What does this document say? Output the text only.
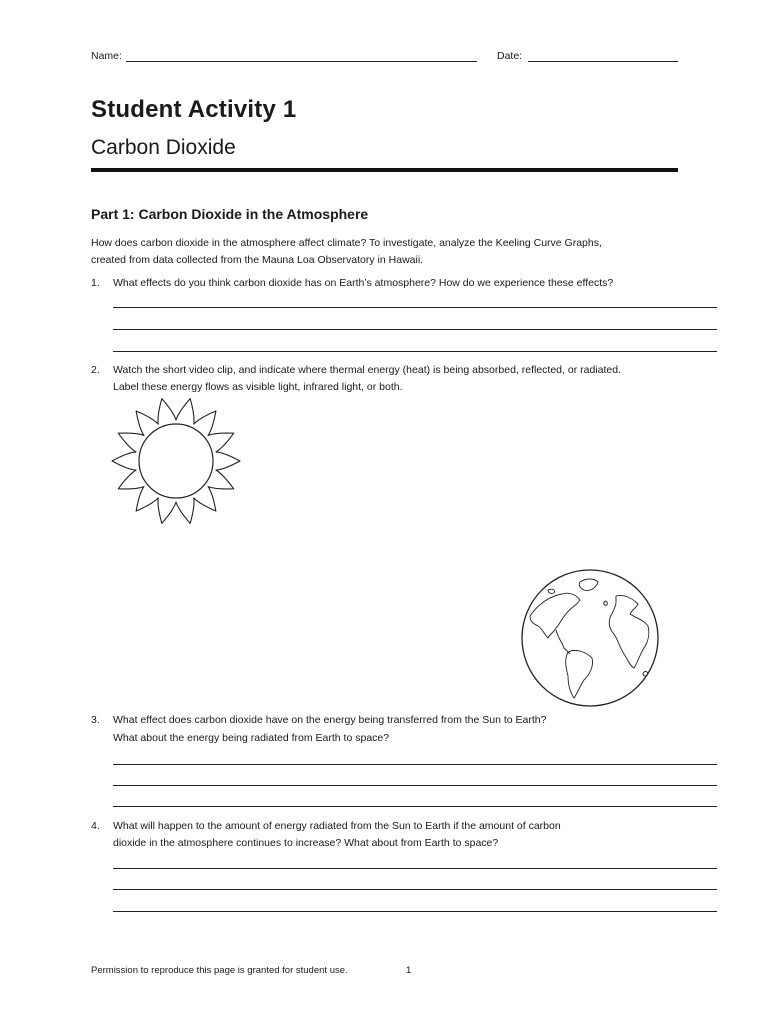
Name:	Date:
Student Activity 1
Carbon Dioxide
Part 1: Carbon Dioxide in the Atmosphere
How does carbon dioxide in the atmosphere affect climate? To investigate, analyze the Keeling Curve Graphs,
created from data collected from the Mauna Loa Observatory in Hawaii.
1. What effects do you think carbon dioxide has on Earth’s atmosphere? How do we experience these effects?
2. Watch the short video clip, and indicate where thermal energy (heat) is being absorbed, reflected, or radiated.
Label these energy flows as visible light, infrared light, or both.
3. What effect does carbon dioxide have on the energy being transferred from the Sun to Earth?
What about the energy being radiated from Earth to space?
4. What will happen to the amount of energy radiated from the Sun to Earth if the amount of carbon
dioxide in the atmosphere continues to increase? What about from Earth to space?
Permission to reproduce this page is granted for student use.	1
